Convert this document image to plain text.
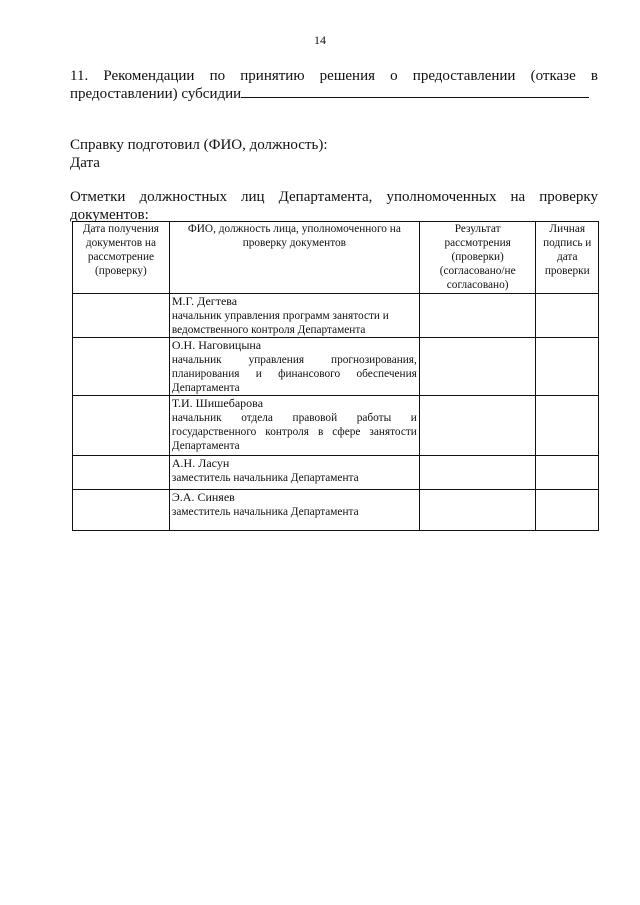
14
11. Рекомендации по принятию решения о предоставлении (отказе в
предоставлении) субсидии
Справку подготовил (ФИО, должность):
Дата
Отметки должностных лиц Департамента, уполномоченных на проверку
документов:
Дата получения документов на рассмотрение (проверку)	ФИО, должность лица, уполномоченного на проверку документов	Результат рассмотрения (проверки) (согласовано/не согласовано)	Личная подпись и дата проверки

	М.Г. Дегтева
начальник управления программ занятости и ведомственного контроля Департамента		

	О.Н. Наговицына
начальник управления прогнозирования, планирования и финансового обеспечения Департамента		

	Т.И. Шишебарова
начальник отдела правовой работы и государственного контроля в сфере занятости Департамента		

	А.Н. Ласун
заместитель начальника Департамента		

	Э.А. Синяев
заместитель начальника Департамента		
